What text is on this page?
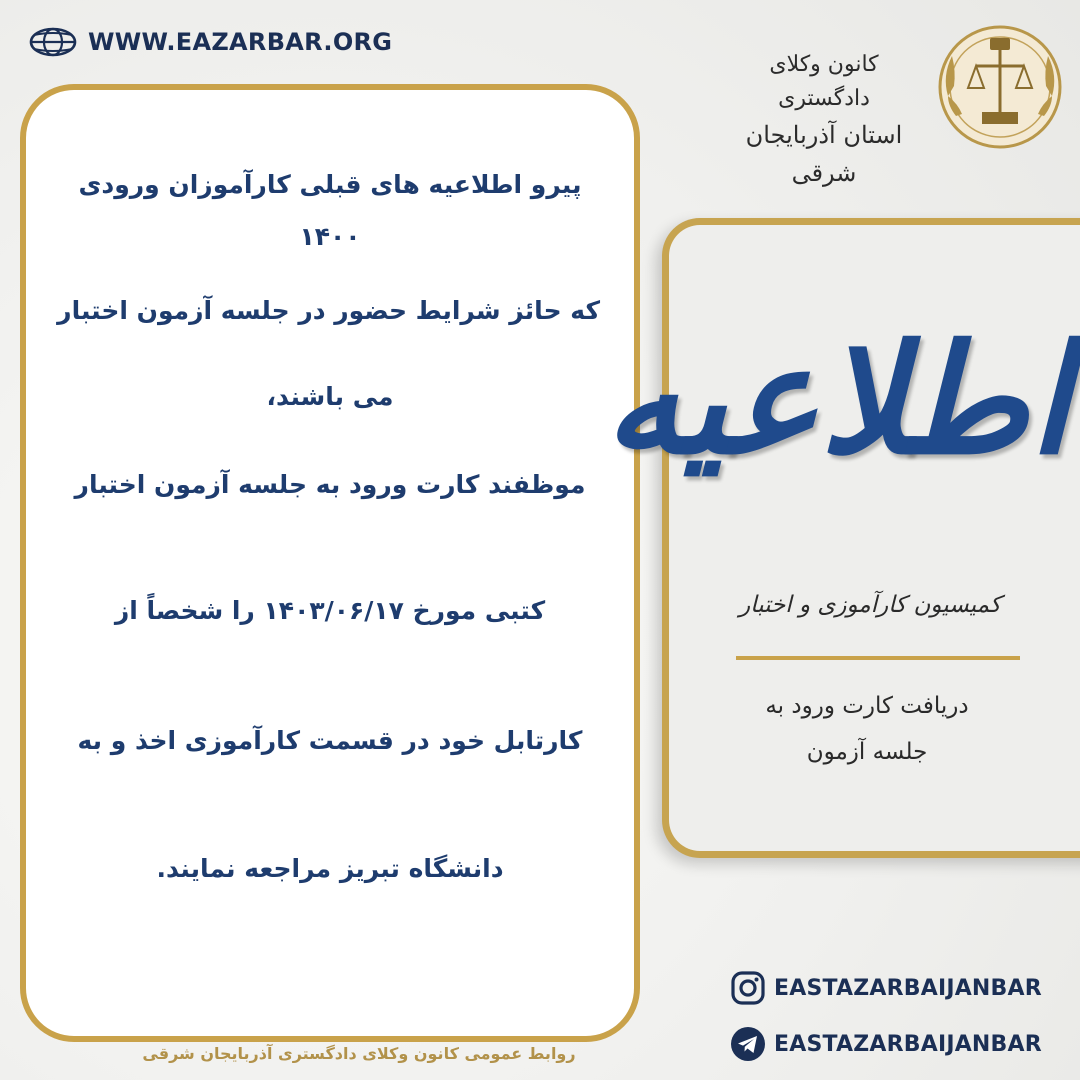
WWW.EAZARBAR.ORG
کانون وکلای دادگستری
استان آذربایجان شرقی
پیرو اطلاعیه های قبلی کارآموزان ورودی
۱۴۰۰
که حائز شرایط حضور در جلسه آزمون اختبار
می باشند،
موظفند کارت ورود به جلسه آزمون اختبار
کتبی مورخ ۱۴۰۳/۰۶/۱۷ را شخصاً از
کارتابل خود در قسمت کارآموزی اخذ و به
دانشگاه تبریز مراجعه نمایند.
اطلاعیه
کمیسیون کارآموزی و اختبار
دریافت کارت ورود به
جلسه آزمون
EASTAZARBAIJANBAR
EASTAZARBAIJANBAR
روابط عمومی کانون وکلای دادگستری آذربایجان شرقی
